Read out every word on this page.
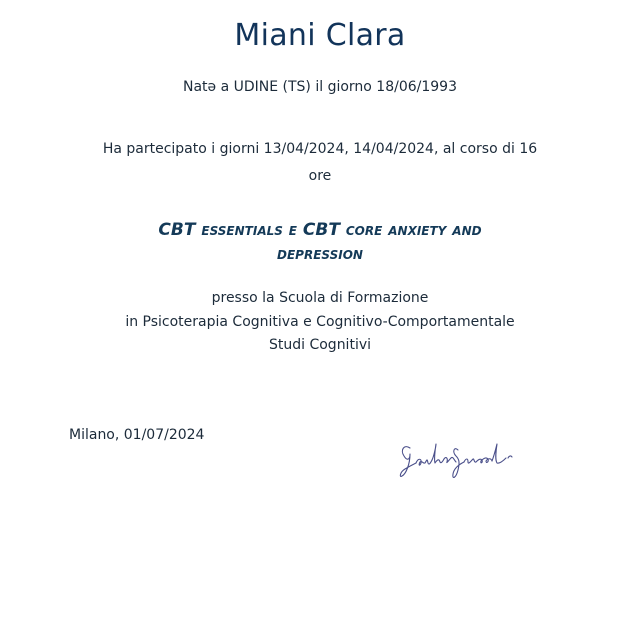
Miani Clara
Natə a UDINE (TS) il giorno 18/06/1993
Ha partecipato i giorni 13/04/2024, 14/04/2024, al corso di 16
ore
CBT essentials e CBT core anxiety and
depression
presso la Scuola di Formazione
in Psicoterapia Cognitiva e Cognitivo-Comportamentale
Studi Cognitivi
Milano, 01/07/2024
